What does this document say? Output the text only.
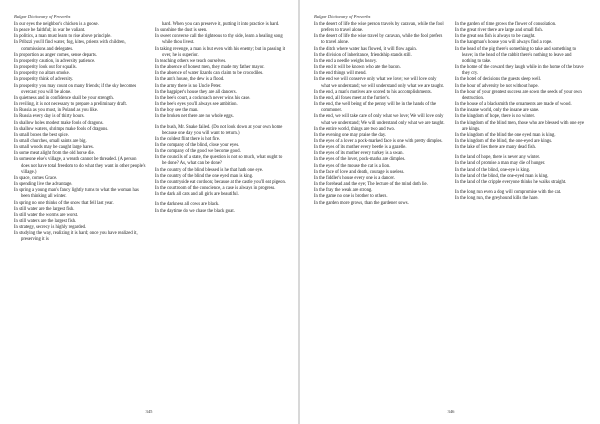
Bulgar Dictionary of Proverbs

In our eyes the neighbor's chicken is a goose.

In peace be faithful; in war be valiant.

In politics, a man must learn to rise above principle.

In Pribzzi you'll find water, fog, kites, priests with children, commissions and delegates.

In proportion as anger comes, sense departs.

In prosperity caution, in adversity patience.

In prosperity look out for squalls.

In prosperity no altars smoke.

In prosperity think of adversity.

In prosperity you may count on many friends; if the sky becomes overcast you will be alone.

In quietness and in confidence shall be your strength.

In reviling, it is not necessary to prepare a preliminary draft.

In Russia as you must, in Poland as you like.

In Russia every day is of thirty hours.

In shallow holes modest make fools of dragons.

In shallow waters, shrimps make fools of dragons.

In small boxes the best spice.

In small churches, small saints are big.

In small woods may be caught large hares.

In some meat alight from the old horse die.

In someone else's village, a wreath cannot be threaded. (A person does not have total freedom to do what they want in other people's village.)

In space, comes Grace.

In spending live the advantage.

In spring a young man's fancy lightly turns to what the woman has been thinking all winter.

In spring no one thinks of the snow that fell last year.

In still water are the largest fish.

In still water the worms are worst.

In still waters are the largest fish.

In strategy, secrecy is highly regarded.

In studying the way, realizing it is hard; once you have realized it, preserving it is

hard. When you can preserve it, putting it into practice is hard.

In sunshine the dust is seen.

In sweet converse call the righteous to thy side, learn a healing song while thou livest.

In taking revenge, a man is but even with his enemy; but in passing it over, he is superior.

In teaching others we teach ourselves.

In the absence of honest men, they made my father mayor.

In the absence of water lizards can claim to be crocodiles.

In the ant's house, the dew is a flood.

In the army there is no Uncle Peter.

In the bagpiper's house they are all dancers.

In the bee's court, a cockroach never wins his case.

In the bee's eyes you'll always see ambition.

In the boy see the man.

In the broken net there are no whole eggs.

In the bush, Mr. Snake failed. (Do not look down at your own home because one day you will want to return.)

In the coldest flint there is hot fire.

In the company of the blind, close your eyes.

In the company of the good we become good.

In the councils of a state, the question is not so much, what ought to be done? As, what can be done?

In the country of the blind blessed is he that hath one eye.

In the country of the blind the one eyed man is king.

In the countryside eat cordoon; because at the castle you'll eat pigeon.

In the courtroom of the conscience, a case is always in progress.

In the dark all cats and all girls are beautiful.

In the darkness all cows are black.

In the daytime do we chase the black goat.

345
Bulgar Dictionary of Proverbs

In the desert of life the wise person travels by caravan, while the fool prefers to travel alone.

In the desert of life the wise travel by caravan, while the fool prefers to travel alone.

In the ditch where water has flowed, it will flow again.

In the division of inheritance, friendship stands still.

In the end a needle weighs heavy.

In the end it will be known who ate the bacon.

In the end things will mend.

In the end we will conserve only what we love; we will love only what we understand; we will understand only what we are taught.

In the end, a man's motives are scored to his accomplishments.

In the end, all foxes meet at the furrier's.

In the end, the well being of the penny will be in the hands of the commoner.

In the end, we will take care of only what we love; We will love only what we understand; We will understand only what we are taught.

In the entire world, things are two and two.

In the evening one may praise the day.

In the eyes of a lover a pock-marked face is one with pretty dimples.

In the eyes of its mother every beetle is a gazelle.

In the eyes of its mother every turkey is a swan.

In the eyes of the lover, pock-marks are dimples.

In the eyes of the mouse the cat is a lion.

In the face of love and death, courage is useless.

In the fiddler's house every one is a dancer.

In the forehead and the eye; The lecture of the mind doth lie.

In the fray the weak are strong.

In the game no one is brother to others.

In the garden more grows, than the gardener sows.

In the garden of time grows the flower of consolation.

In the great river there are large and small fish.

In the great sea fish is always to be caught.

In the hangman's house you will always find a rope.

In the head of the pig there's something to take and something to leave; in the head of the rabbit there's nothing to leave and nothing to take.

In the home of the coward they laugh while in the home of the brave they cry.

In the hotel of decisions the guests sleep well.

In the hour of adversity be not without hope.

In the hour of your greatest success are sown the seeds of your own destruction.

In the house of a blacksmith the ornaments are made of wood.

In the insane world, only the insane are sane.

In the kingdom of hope, there is no winter.

In the kingdom of the blind men, those who are blessed with one eye are kings.

In the kingdom of the blind the one eyed man is king.

In the kingdom of the blind, the one-eyed are kings.

In the lake of lies there are many dead fish.

In the land of hope, there is never any winter.

In the land of promise a man may die of hunger.

In the land of the blind, one-eye is king.

In the land of the blind, the one-eyed man is king.

In the land of the cripple everyone thinks he walks straight.

In the long run even a dog will compromise with the cat.

In the long run, the greyhound kills the hare.

346
